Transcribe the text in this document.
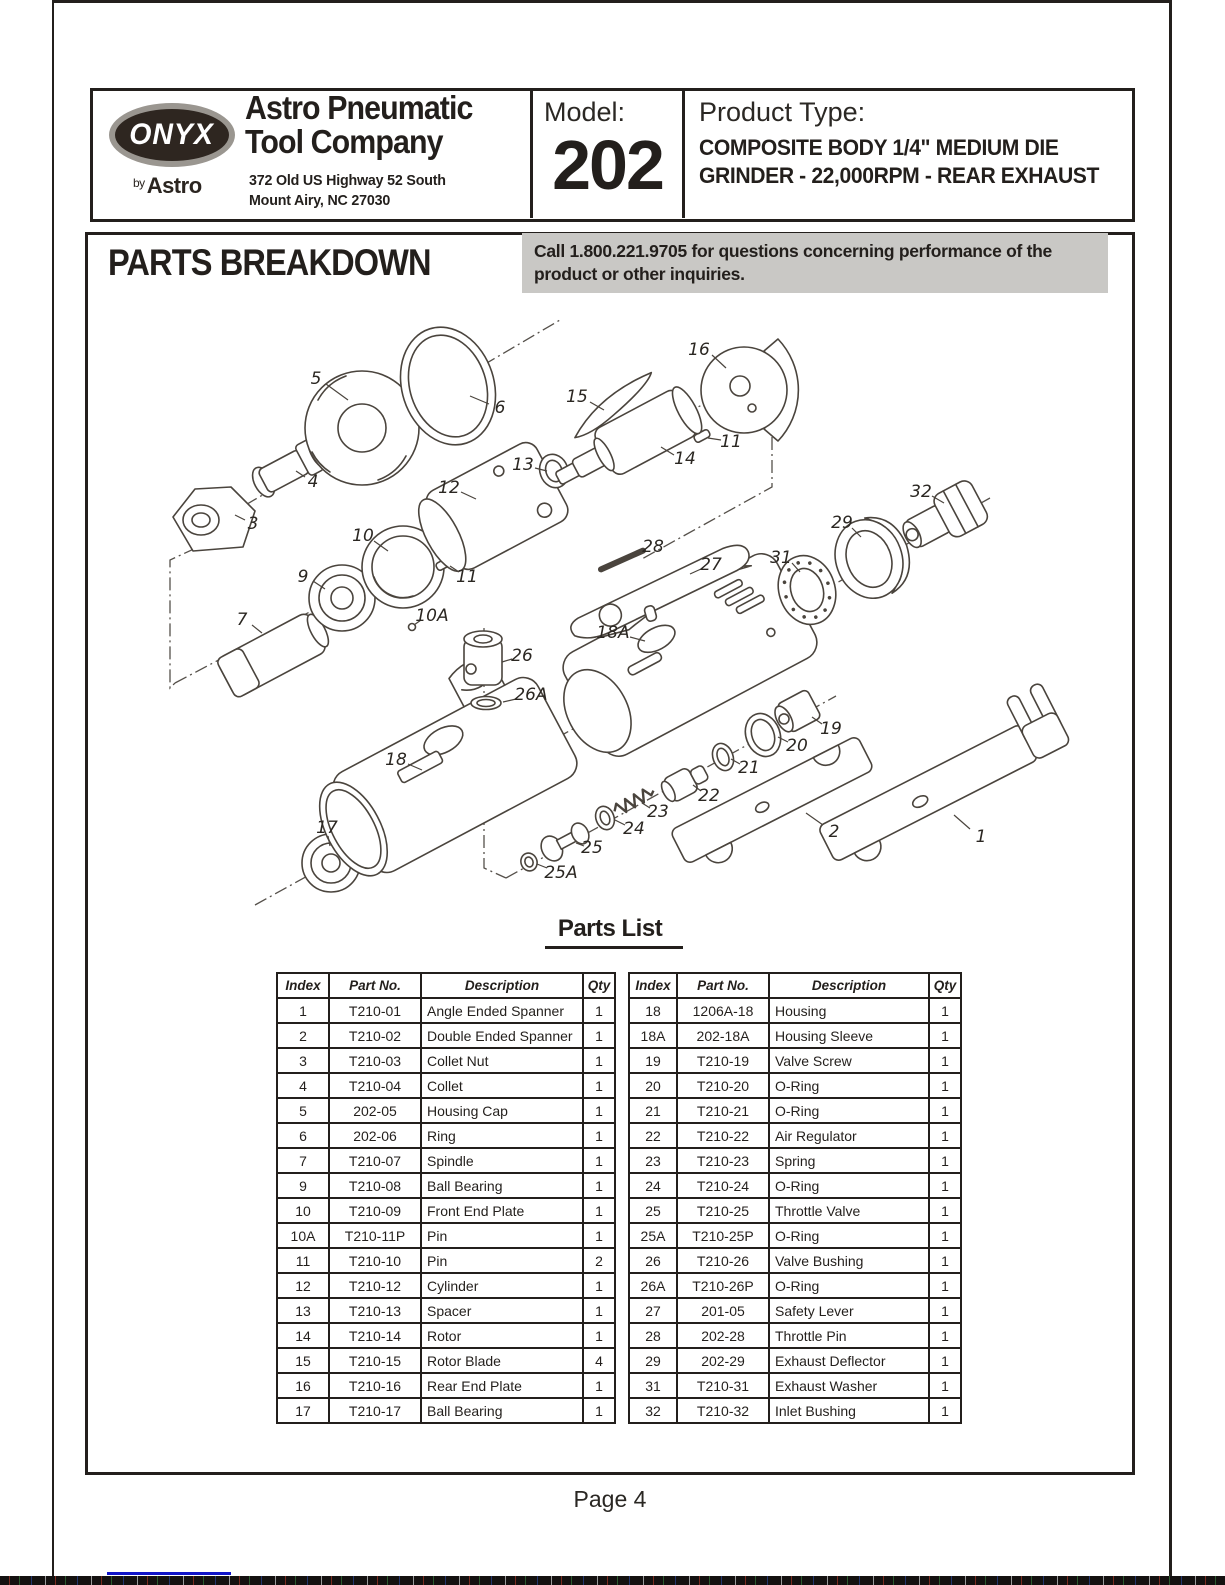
ONYX
$^{by}$Astro
Astro Pneumatic
Tool Company
372 Old US Highway 52 South
Mount Airy, NC 27030
Model:
202
Product Type:
COMPOSITE BODY 1/4" MEDIUM DIE
GRINDER - 22,000RPM - REAR EXHAUST
PARTS BREAKDOWN	Call 1.800.221.9705 for questions concerning performance of the product or other inquiries.
5
6
16
15
11
14
13
12	32
4
3	29
10
31
28
27
9	11
7	10A
18A
26
26A
19
20
21
22
23
24
17
25
2
25A
1
18
Parts List
Index	Part No.	Description	Qty
1	T210-01	Angle Ended Spanner	1
2	T210-02	Double Ended Spanner	1
3	T210-03	Collet Nut	1
4	T210-04	Collet	1
5	202-05	Housing Cap	1
6	202-06	Ring	1
7	T210-07	Spindle	1
9	T210-08	Ball Bearing	1
10	T210-09	Front End Plate	1
10A	T210-11P	Pin	1
11	T210-10	Pin	2
12	T210-12	Cylinder	1
13	T210-13	Spacer	1
14	T210-14	Rotor	1
15	T210-15	Rotor Blade	4
16	T210-16	Rear End Plate	1
17	T210-17	Ball Bearing	1
Index	Part No.	Description	Qty
18	1206A-18	Housing	1
18A	202-18A	Housing Sleeve	1
19	T210-19	Valve Screw	1
20	T210-20	O-Ring	1
21	T210-21	O-Ring	1
22	T210-22	Air Regulator	1
23	T210-23	Spring	1
24	T210-24	O-Ring	1
25	T210-25	Throttle Valve	1
25A	T210-25P	O-Ring	1
26	T210-26	Valve Bushing	1
26A	T210-26P	O-Ring	1
27	201-05	Safety Lever	1
28	202-28	Throttle Pin	1
29	202-29	Exhaust Deflector	1
31	T210-31	Exhaust Washer	1
32	T210-32	Inlet Bushing	1
Page 4
